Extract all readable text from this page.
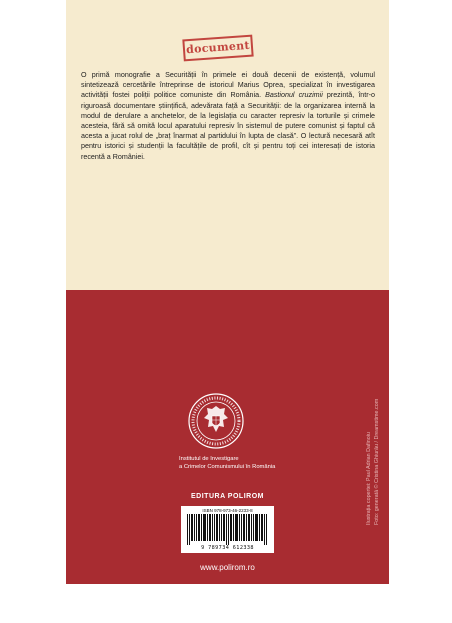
document

O primă monografie a Securității în primele ei două decenii de existență, volumul sintetizează cercetările întreprinse de istoricul Marius Oprea, specializat în investigarea activității fostei poliții politice comuniste din România. Bastionul cruzimii prezintă, într-o riguroasă documentare științifică, adevărata față a Securității: de la organizarea internă la modul de derulare a anchetelor, de la legislația cu caracter represiv la torturile și crimele acesteia, fără să omită locul aparatului represiv în sistemul de putere comunist și faptul că acesta a jucat rolul de „braț înarmat al partidului în lupta de clasă”. O lectură necesară atît pentru istorici și studenții la facultățile de profil, cît și pentru toți cei interesați de istoria recentă a României.

Poliția politică – instrument al sovietizării României • Nașterea Securității • Securiștii lui Dej • Bazele „muncii de Securitate” • Partidul și Securitatea • Scrupule și epoleți: Securitatea în lupta pentru putere dintre liderii comuniști

Institutul de Investigare
a Crimelor Comunismului în România	Ilustrația copertei: Paul Adrian Dafinoiu Foto: generată © Cristina Ghiurău / Dreamstime.com
EDITURA POLIROM
ISBN 978-973-46-2233-8
9 789734 612338
www.polirom.ro
